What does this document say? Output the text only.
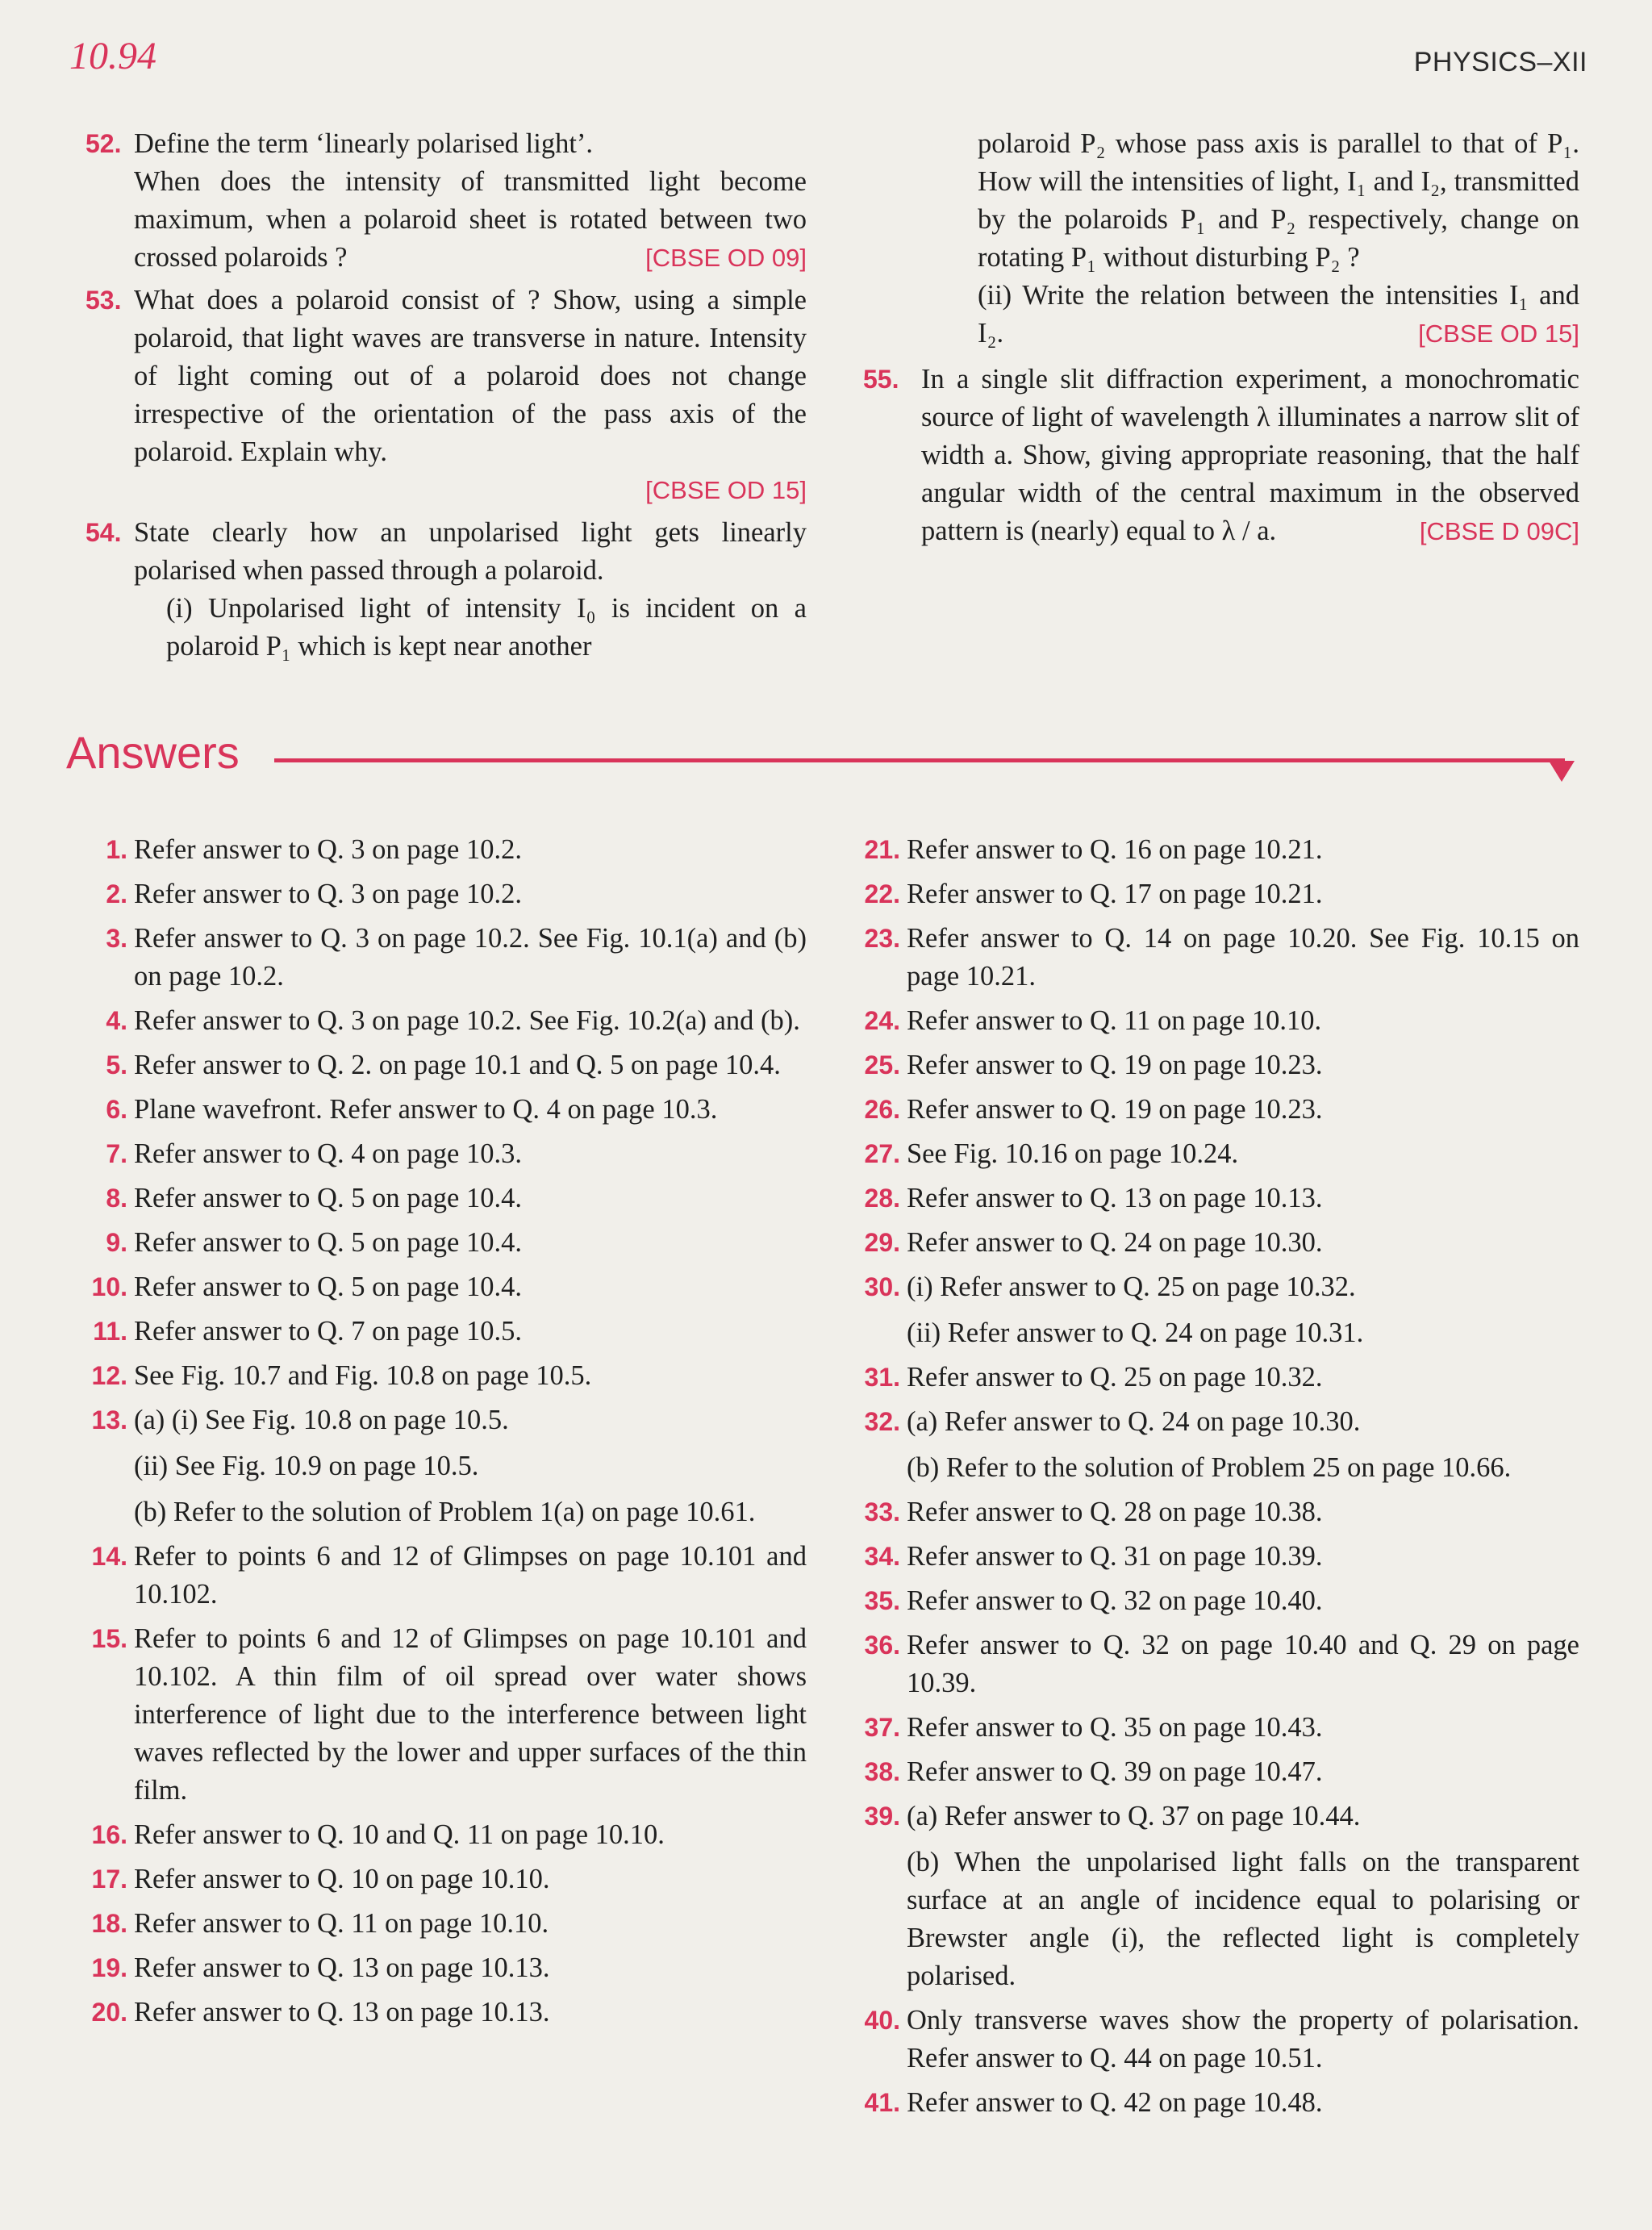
10.94	PHYSICS–XII
52. Define the term ‘linearly polarised light’.

When does the intensity of transmitted light become maximum, when a polaroid sheet is rotated between two crossed polaroids ?	[CBSE OD 09]
53. What does a polaroid consist of ? Show, using a simple polaroid, that light waves are transverse in nature. Intensity of light coming out of a polaroid does not change irrespective of the orientation of the pass axis of the polaroid. Explain why.

[CBSE OD 15]
54. State clearly how an unpolarised light gets linearly polarised when passed through a polaroid.

(i) Unpolarised light of intensity I₀ is incident on a polaroid P₁ which is kept near another

polaroid P₂ whose pass axis is parallel to that of P₁. How will the intensities of light, I₁ and I₂, transmitted by the polaroids P₁ and P₂ respectively, change on rotating P₁ without disturbing P₂ ?

(ii) Write the relation between the intensities I₁ and I₂.	[CBSE OD 15]
55. In a single slit diffraction experiment, a monochromatic source of light of wavelength λ illuminates a narrow slit of width a. Show, giving appropriate reasoning, that the half angular width of the central maximum in the observed pattern is (nearly) equal to λ / a.	[CBSE D 09C]
Answers
1. Refer answer to Q. 3 on page 10.2.
2. Refer answer to Q. 3 on page 10.2.
3. Refer answer to Q. 3 on page 10.2. See Fig. 10.1(a) and (b) on page 10.2.
4. Refer answer to Q. 3 on page 10.2. See Fig. 10.2(a) and (b).
5. Refer answer to Q. 2. on page 10.1 and Q. 5 on page 10.4.
6. Plane wavefront. Refer answer to Q. 4 on page 10.3.
7. Refer answer to Q. 4 on page 10.3.
8. Refer answer to Q. 5 on page 10.4.
9. Refer answer to Q. 5 on page 10.4.
10. Refer answer to Q. 5 on page 10.4.
11. Refer answer to Q. 7 on page 10.5.
12. See Fig. 10.7 and Fig. 10.8 on page 10.5.
13. (a) (i) See Fig. 10.8 on page 10.5.
(ii) See Fig. 10.9 on page 10.5.
(b) Refer to the solution of Problem 1(a) on page 10.61.
14. Refer to points 6 and 12 of Glimpses on page 10.101 and 10.102.
15. Refer to points 6 and 12 of Glimpses on page 10.101 and 10.102. A thin film of oil spread over water shows interference of light due to the interference between light waves reflected by the lower and upper surfaces of the thin film.
16. Refer answer to Q. 10 and Q. 11 on page 10.10.
17. Refer answer to Q. 10 on page 10.10.
18. Refer answer to Q. 11 on page 10.10.
19. Refer answer to Q. 13 on page 10.13.
20. Refer answer to Q. 13 on page 10.13.
21. Refer answer to Q. 16 on page 10.21.
22. Refer answer to Q. 17 on page 10.21.
23. Refer answer to Q. 14 on page 10.20. See Fig. 10.15 on page 10.21.
24. Refer answer to Q. 11 on page 10.10.
25. Refer answer to Q. 19 on page 10.23.
26. Refer answer to Q. 19 on page 10.23.
27. See Fig. 10.16 on page 10.24.
28. Refer answer to Q. 13 on page 10.13.
29. Refer answer to Q. 24 on page 10.30.
30. (i) Refer answer to Q. 25 on page 10.32.
(ii) Refer answer to Q. 24 on page 10.31.
31. Refer answer to Q. 25 on page 10.32.
32. (a) Refer answer to Q. 24 on page 10.30.
(b) Refer to the solution of Problem 25 on page 10.66.
33. Refer answer to Q. 28 on page 10.38.
34. Refer answer to Q. 31 on page 10.39.
35. Refer answer to Q. 32 on page 10.40.
36. Refer answer to Q. 32 on page 10.40 and Q. 29 on page 10.39.
37. Refer answer to Q. 35 on page 10.43.
38. Refer answer to Q. 39 on page 10.47.
39. (a) Refer answer to Q. 37 on page 10.44.
(b) When the unpolarised light falls on the transparent surface at an angle of incidence equal to polarising or Brewster angle (i), the reflected light is completely polarised.
40. Only transverse waves show the property of polarisation. Refer answer to Q. 44 on page 10.51.
41. Refer answer to Q. 42 on page 10.48.
